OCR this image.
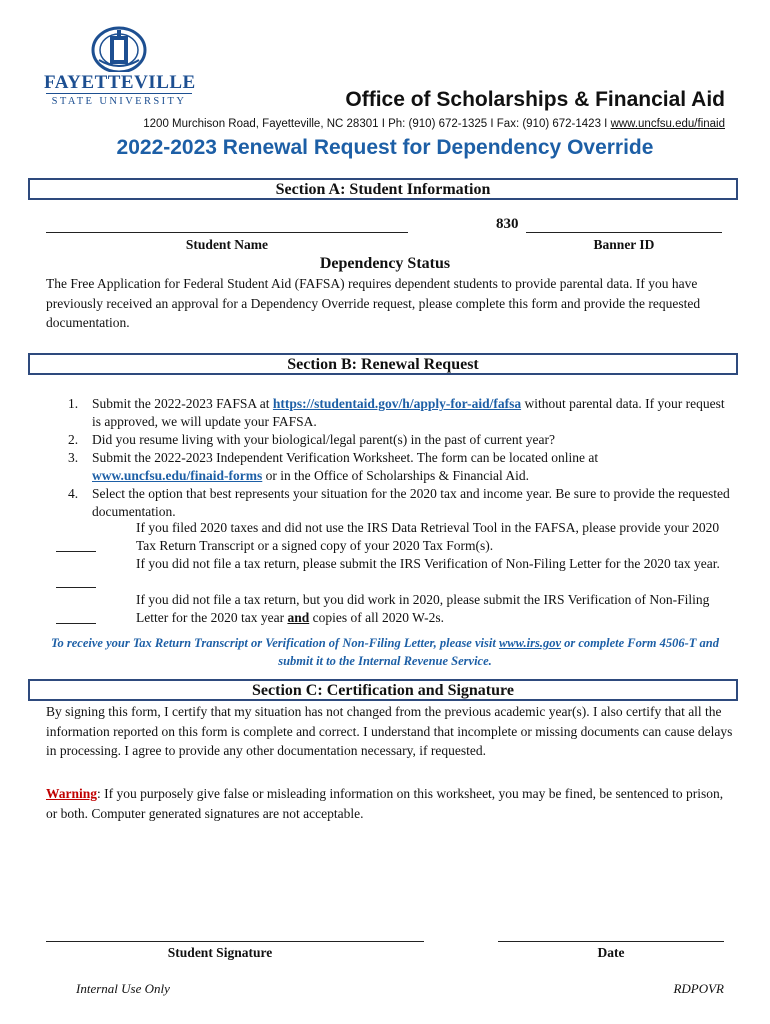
FAYETTEVILLE
STATE UNIVERSITY	Office of Scholarships & Financial Aid
1200 Murchison Road, Fayetteville, NC 28301 I Ph: (910) 672-1325 I Fax: (910) 672-1423 I www.uncfsu.edu/finaid
2022-2023 Renewal Request for Dependency Override
Section A: Student Information
Student Name
830
Banner ID
Dependency Status

The Free Application for Federal Student Aid (FAFSA) requires dependent students to provide parental data. If you have previously received an approval for a Dependency Override request, please complete this form and provide the requested documentation.

Section B: Renewal Request
1. Submit the 2022-2023 FAFSA at https://studentaid.gov/h/apply-for-aid/fafsa without parental data. If your request is approved, we will update your FAFSA.
2. Did you resume living with your biological/legal parent(s) in the past of current year?
3. Submit the 2022-2023 Independent Verification Worksheet. The form can be located online at www.uncfsu.edu/finaid-forms or in the Office of Scholarships & Financial Aid.
4. Select the option that best represents your situation for the 2020 tax and income year. Be sure to provide the requested documentation.
If you filed 2020 taxes and did not use the IRS Data Retrieval Tool in the FAFSA, please provide your 2020 Tax Return Transcript or a signed copy of your 2020 Tax Form(s).
If you did not file a tax return, please submit the IRS Verification of Non-Filing Letter for the 2020 tax year.
If you did not file a tax return, but you did work in 2020, please submit the IRS Verification of Non-Filing Letter for the 2020 tax year and copies of all 2020 W-2s.
To receive your Tax Return Transcript or Verification of Non-Filing Letter, please visit www.irs.gov or complete Form 4506-T and submit it to the Internal Revenue Service.
Section C: Certification and Signature

By signing this form, I certify that my situation has not changed from the previous academic year(s). I also certify that all the information reported on this form is complete and correct. I understand that incomplete or missing documents can cause delays in processing. I agree to provide any other documentation necessary, if requested.

Warning: If you purposely give false or misleading information on this worksheet, you may be fined, be sentenced to prison, or both. Computer generated signatures are not acceptable.

Student Signature	Date
Internal Use Only	RDPOVR
